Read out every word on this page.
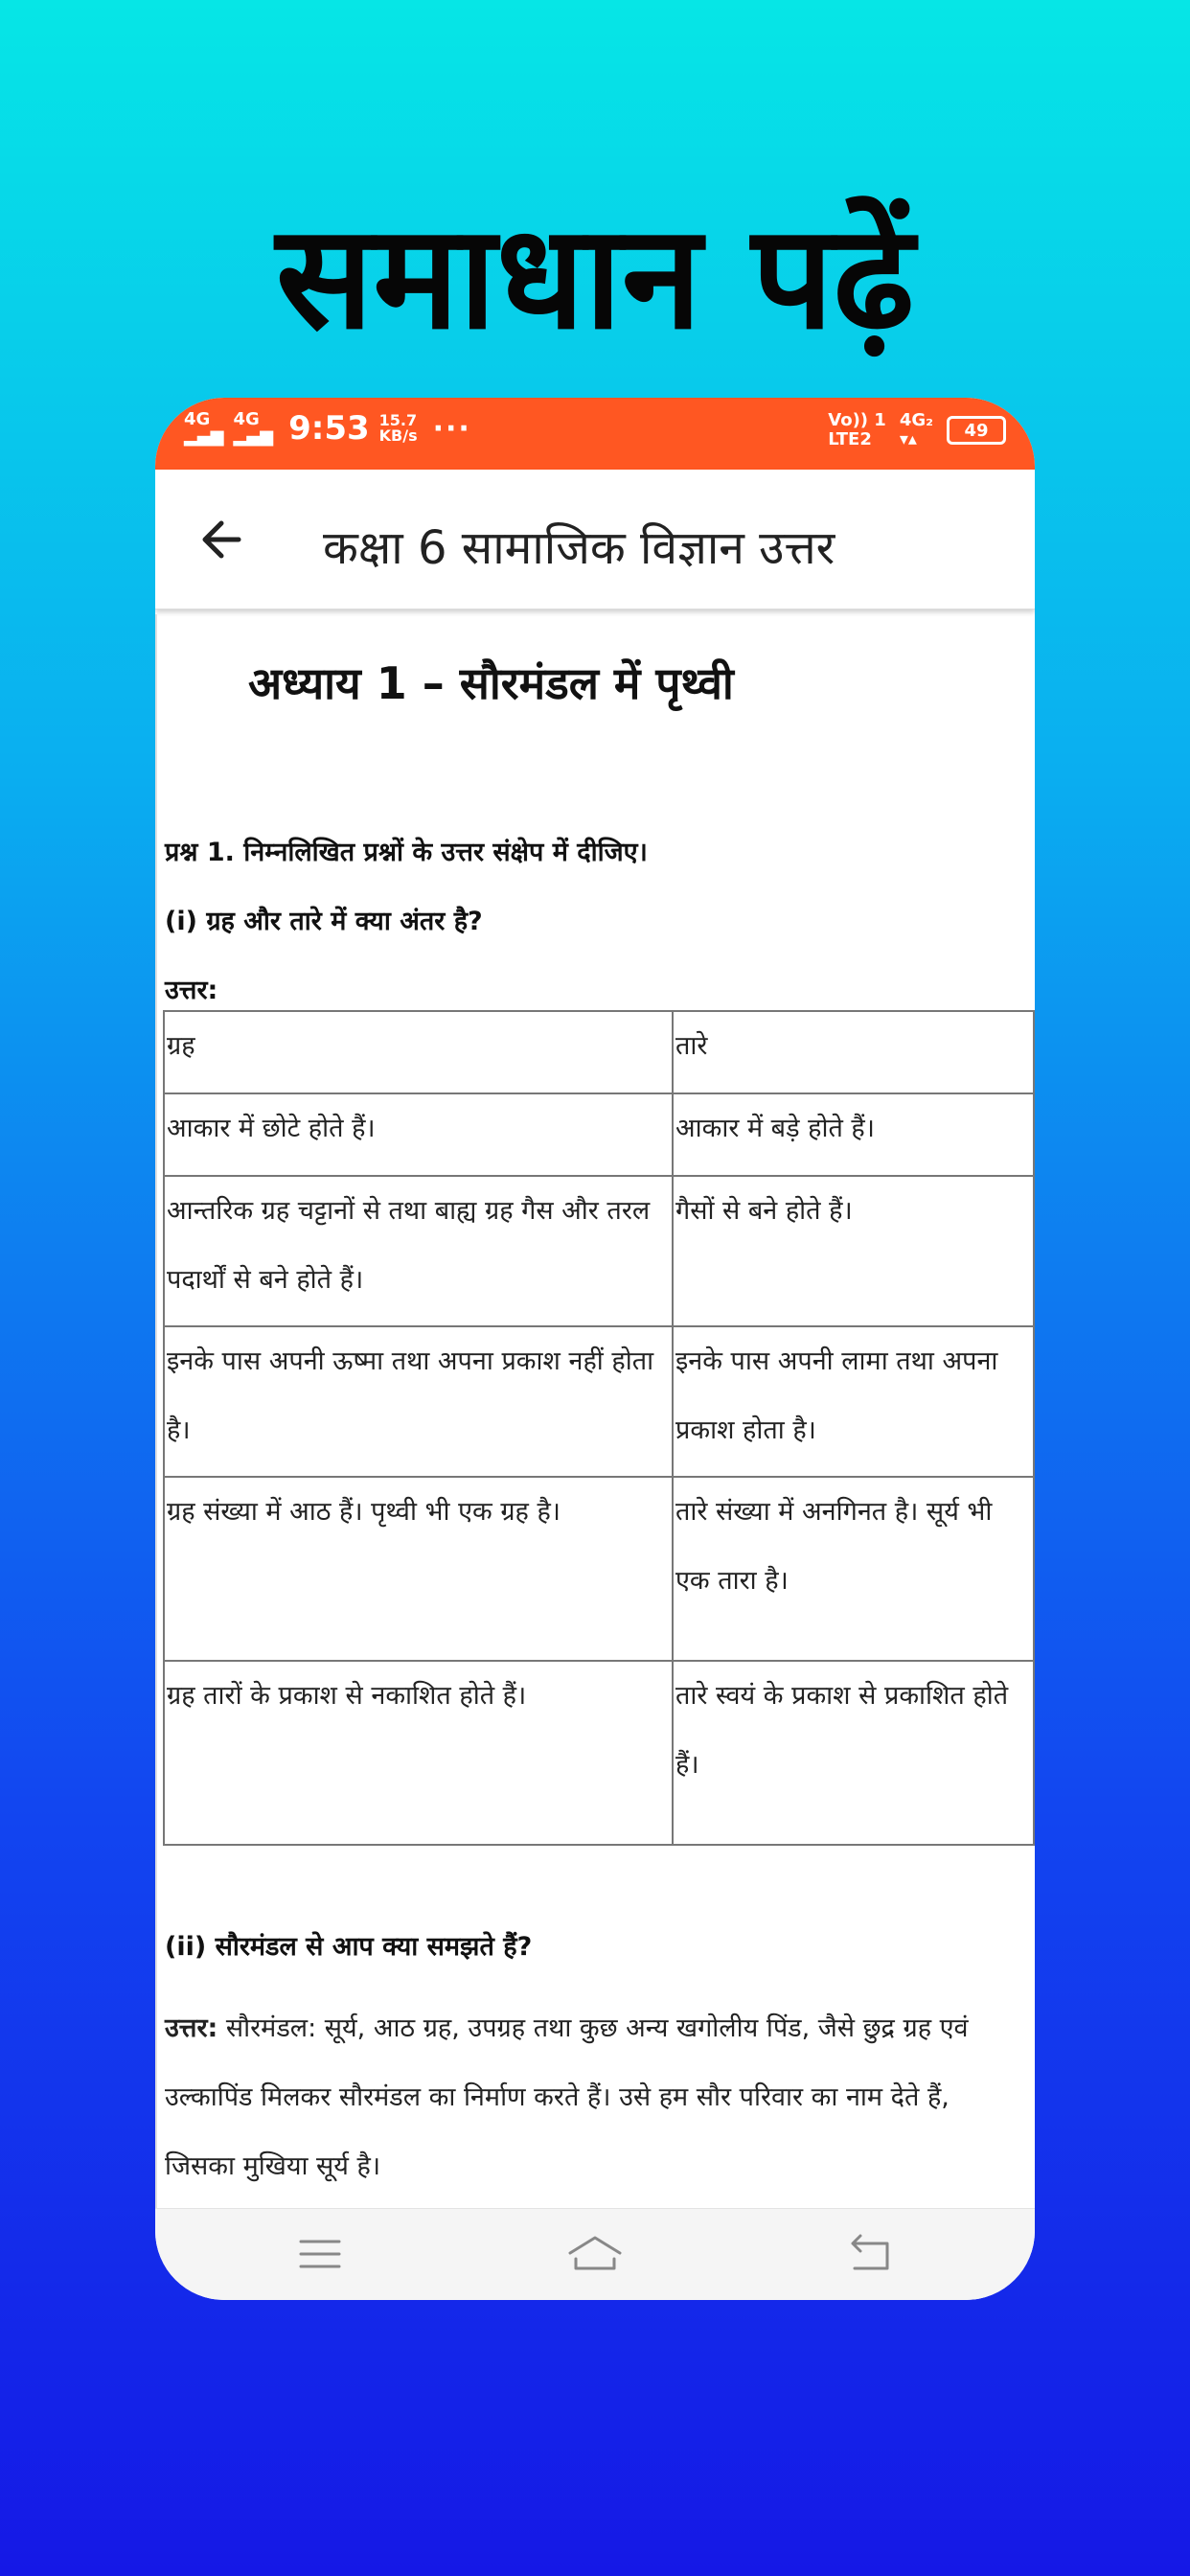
समाधान पढ़ें
4G
▂▄▆
4G
▂▄▆ 9:53 15.7
KB/s ···	Vo)) 1
LTE2
4G₂
▾▴	49
कक्षा 6 सामाजिक विज्ञान उत्तर
अध्याय 1 – सौरमंडल में पृथ्वी
प्रश्न 1. निम्नलिखित प्रश्नों के उत्तर संक्षेप में दीजिए।
(i) ग्रह और तारे में क्या अंतर है?
उत्तर:
ग्रह	तारे
आकार में छोटे होते हैं।	आकार में बड़े होते हैं।
आन्तरिक ग्रह चट्टानों से तथा बाह्य ग्रह गैस और तरल पदार्थों से बने होते हैं।	गैसों से बने होते हैं।
इनके पास अपनी ऊष्मा तथा अपना प्रकाश नहीं होता है।	इनके पास अपनी लामा तथा अपना प्रकाश होता है।
ग्रह संख्या में आठ हैं। पृथ्वी भी एक ग्रह है।	तारे संख्या में अनगिनत है। सूर्य भी एक तारा है।
ग्रह तारों के प्रकाश से नकाशित होते हैं।	तारे स्वयं के प्रकाश से प्रकाशित होते हैं।
(ii) सौरमंडल से आप क्या समझते हैं?
उत्तर: सौरमंडल: सूर्य, आठ ग्रह, उपग्रह तथा कुछ अन्य खगोलीय पिंड, जैसे छुद्र ग्रह एवं उल्कापिंड मिलकर सौरमंडल का निर्माण करते हैं। उसे हम सौर परिवार का नाम देते हैं, जिसका मुखिया सूर्य है।
